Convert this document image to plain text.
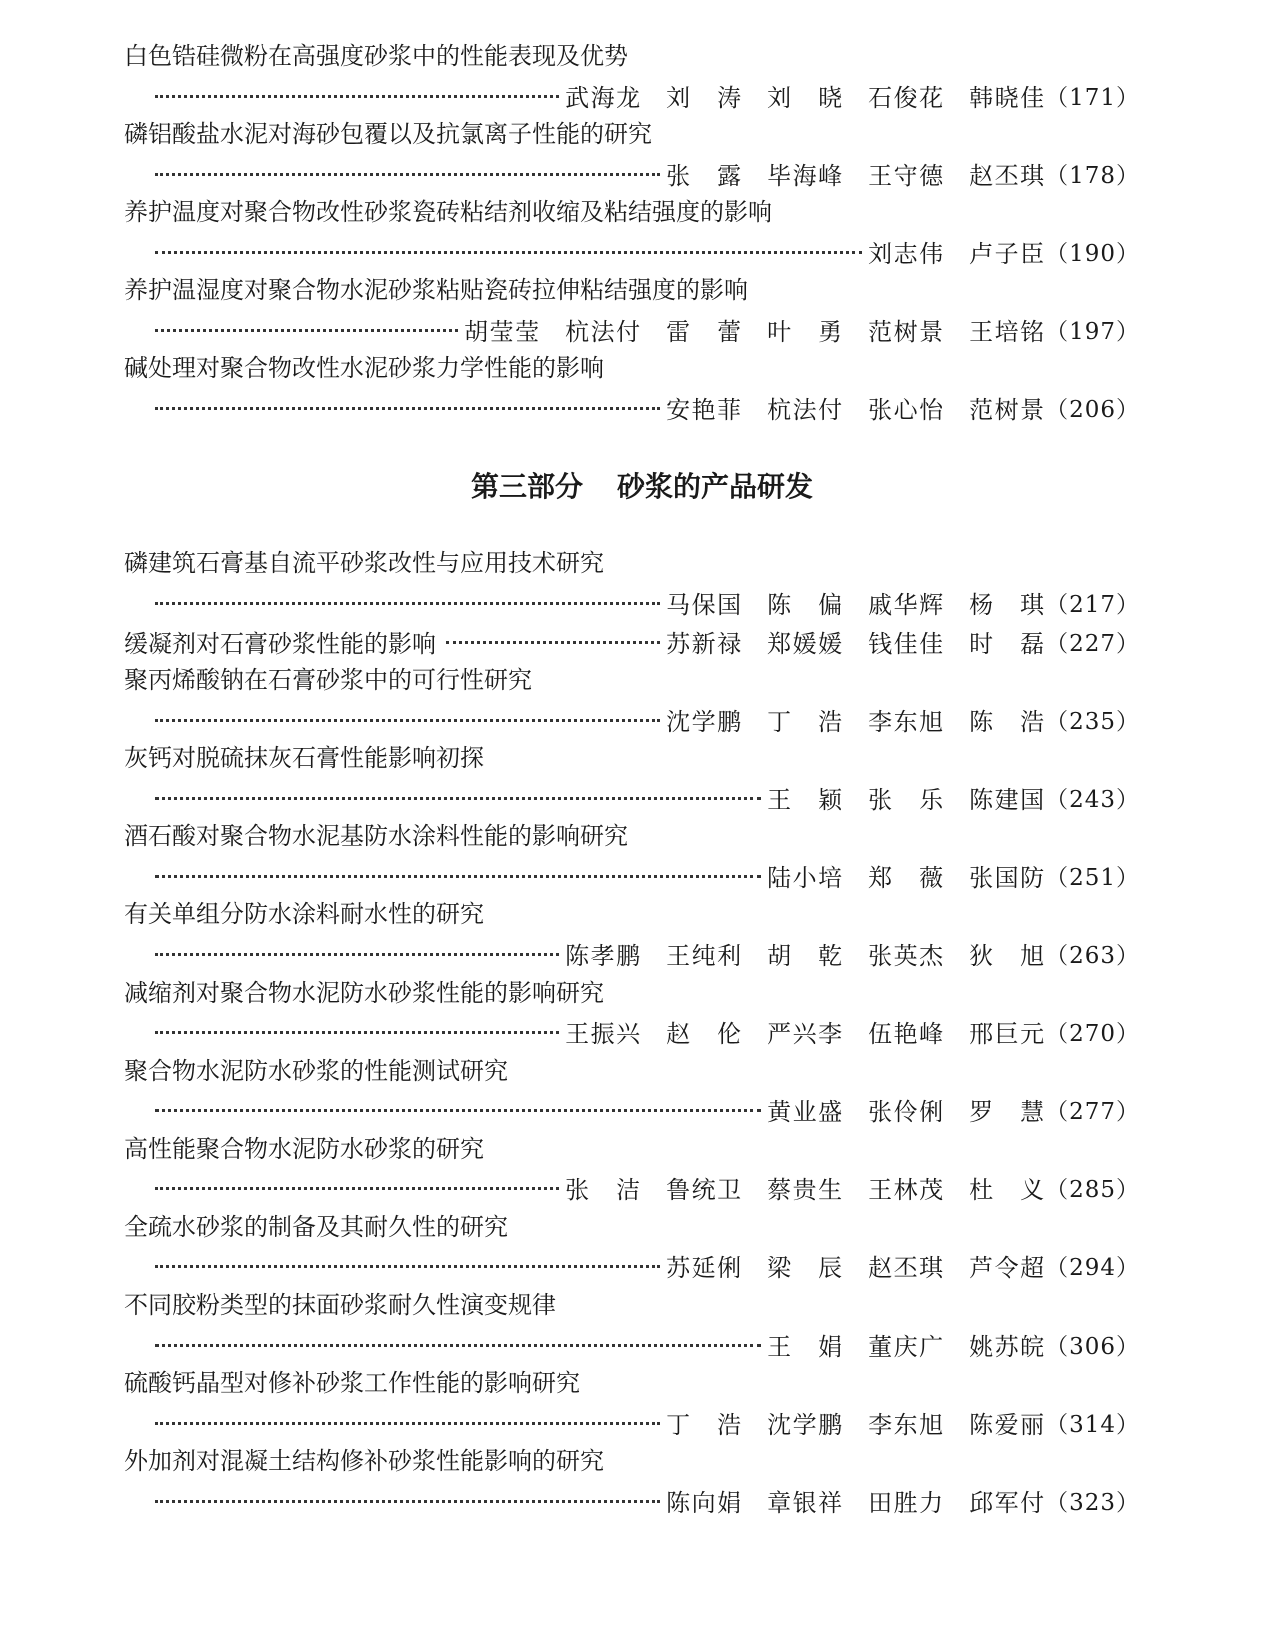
白色锆硅微粉在高强度砂浆中的性能表现及优势
武海龙 刘　涛 刘　晓 石俊花 韩晓佳 （171）
磷铝酸盐水泥对海砂包覆以及抗氯离子性能的研究
张　露 毕海峰 王守德 赵丕琪 （178）
养护温度对聚合物改性砂浆瓷砖粘结剂收缩及粘结强度的影响
刘志伟 卢子臣 （190）
养护温湿度对聚合物水泥砂浆粘贴瓷砖拉伸粘结强度的影响
胡莹莹 杭法付 雷　蕾 叶　勇 范树景 王培铭 （197）
碱处理对聚合物改性水泥砂浆力学性能的影响
安艳菲 杭法付 张心怡 范树景 （206）
第三部分 砂浆的产品研发
磷建筑石膏基自流平砂浆改性与应用技术研究
马保国 陈　偏 戚华辉 杨　琪 （217）
缓凝剂对石膏砂浆性能的影响	苏新禄 郑媛媛 钱佳佳 时　磊 （227）
聚丙烯酸钠在石膏砂浆中的可行性研究
沈学鹏 丁　浩 李东旭 陈　浩 （235）
灰钙对脱硫抹灰石膏性能影响初探
王　颖 张　乐 陈建国 （243）
酒石酸对聚合物水泥基防水涂料性能的影响研究
陆小培 郑　薇 张国防 （251）
有关单组分防水涂料耐水性的研究
陈孝鹏 王纯利 胡　乾 张英杰 狄　旭 （263）
减缩剂对聚合物水泥防水砂浆性能的影响研究
王振兴 赵　伦 严兴李 伍艳峰 邢巨元 （270）
聚合物水泥防水砂浆的性能测试研究
黄业盛 张伶俐 罗　慧 （277）
高性能聚合物水泥防水砂浆的研究
张　洁 鲁统卫 蔡贵生 王林茂 杜　义 （285）
全疏水砂浆的制备及其耐久性的研究
苏延俐 梁　辰 赵丕琪 芦令超 （294）
不同胶粉类型的抹面砂浆耐久性演变规律
王　娟 董庆广 姚苏皖 （306）
硫酸钙晶型对修补砂浆工作性能的影响研究
丁　浩 沈学鹏 李东旭 陈爱丽 （314）
外加剂对混凝土结构修补砂浆性能影响的研究
陈向娟 章银祥 田胜力 邱军付 （323）
